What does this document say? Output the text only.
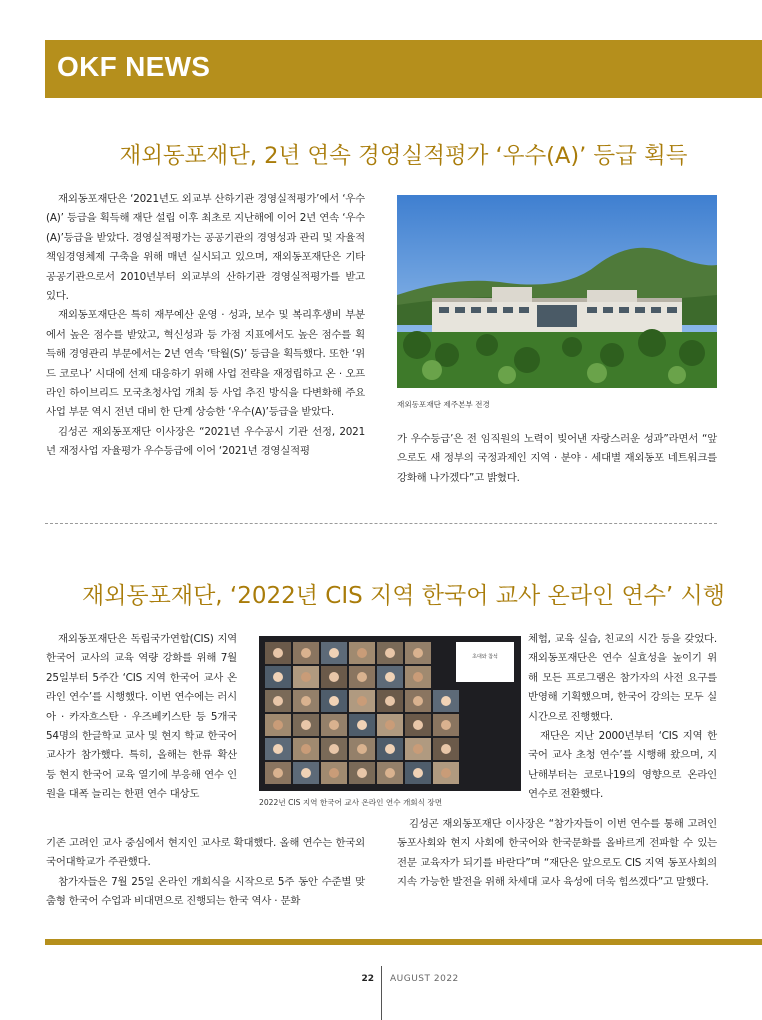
OKF NEWS
재외동포재단, 2년 연속 경영실적평가 ‘우수(A)’ 등급 획득

재외동포재단은 ‘2021년도 외교부 산하기관 경영실적평가’에서 ‘우수(A)’ 등급을 획득해 재단 설립 이후 최초로 지난해에 이어 2년 연속 ‘우수(A)’등급을 받았다. 경영실적평가는 공공기관의 경영성과 관리 및 자율적 책임경영체제 구축을 위해 매년 실시되고 있으며, 재외동포재단은 기타 공공기관으로서 2010년부터 외교부의 산하기관 경영실적평가를 받고 있다.

재외동포재단은 특히 재무예산 운영 · 성과, 보수 및 복리후생비 부분에서 높은 점수를 받았고, 혁신성과 등 가점 지표에서도 높은 점수를 획득해 경영관리 부문에서는 2년 연속 ‘탁월(S)’ 등급을 획득했다. 또한 ‘위드 코로나’ 시대에 선제 대응하기 위해 사업 전략을 재정립하고 온 · 오프라인 하이브리드 모국초청사업 개최 등 사업 추진 방식을 다변화해 주요 사업 부문 역시 전년 대비 한 단계 상승한 ‘우수(A)’등급을 받았다.

김성곤 재외동포재단 이사장은 “2021년 우수공시 기관 선정, 2021년 재정사업 자율평가 우수등급에 이어 ‘2021년 경영실적평

재외동포재단 제주본부 전경

가 우수등급’은 전 임직원의 노력이 빚어낸 자랑스러운 성과”라면서 “앞으로도 새 정부의 국정과제인 지역 · 분야 · 세대별 재외동포 네트워크를 강화해 나가겠다”고 밝혔다.

재외동포재단, ‘2022년 CIS 지역 한국어 교사 온라인 연수’ 시행

재외동포재단은 독립국가연합(CIS) 지역 한국어 교사의 교육 역량 강화를 위해 7월 25일부터 5주간 ‘CIS 지역 한국어 교사 온라인 연수’를 시행했다. 이번 연수에는 러시아 · 카자흐스탄 · 우즈베키스탄 등 5개국 54명의 한글학교 교사 및 현지 학교 한국어 교사가 참가했다. 특히, 올해는 한류 확산 등 현지 한국어 교육 열기에 부응해 연수 인원을 대폭 늘리는 한편 연수 대상도

초대와 참석
2022년 CIS 지역 한국어 교사 온라인 연수 개회식 장면

기존 고려인 교사 중심에서 현지인 교사로 확대했다. 올해 연수는 한국외국어대학교가 주관했다.

참가자들은 7월 25일 온라인 개회식을 시작으로 5주 동안 수준별 맞춤형 한국어 수업과 비대면으로 진행되는 한국 역사 · 문화

체험, 교육 실습, 친교의 시간 등을 갖었다. 재외동포재단은 연수 실효성을 높이기 위해 모든 프로그램은 참가자의 사전 요구를 반영해 기획했으며, 한국어 강의는 모두 실시간으로 진행했다.

재단은 지난 2000년부터 ‘CIS 지역 한국어 교사 초청 연수’를 시행해 왔으며, 지난해부터는 코로나19의 영향으로 온라인 연수로 전환했다.

김성곤 재외동포재단 이사장은 “참가자들이 이번 연수를 통해 고려인 동포사회와 현지 사회에 한국어와 한국문화를 올바르게 전파할 수 있는 전문 교육자가 되기를 바란다”며 “재단은 앞으로도 CIS 지역 동포사회의 지속 가능한 발전을 위해 차세대 교사 육성에 더욱 힘쓰겠다”고 말했다.

22 AUGUST 2022
